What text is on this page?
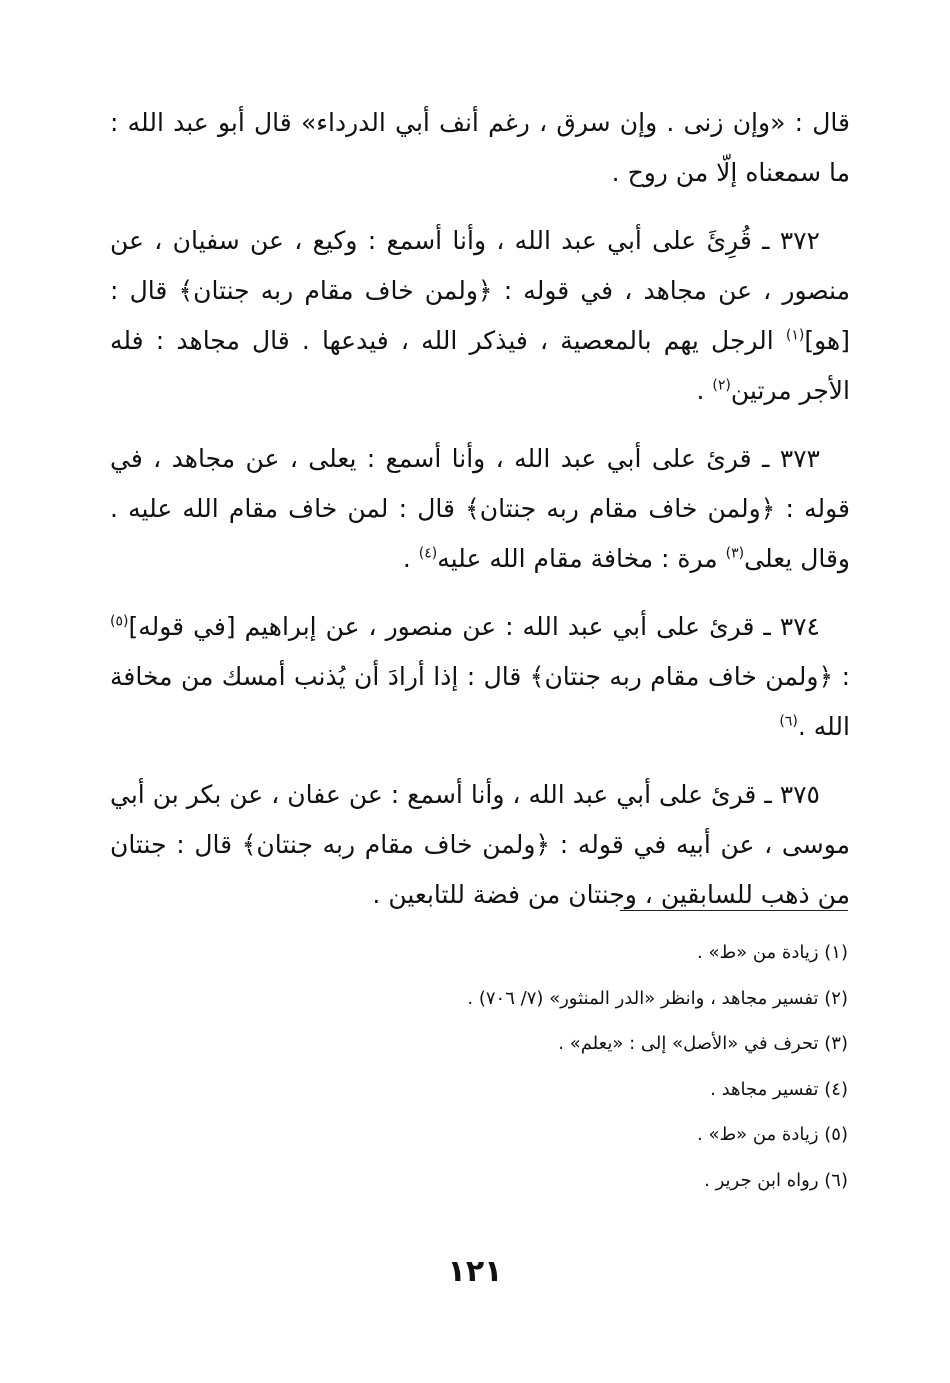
قال : «وإن زنى . وإن سرق ، رغم أنف أبي الدرداء» قال أبو عبد الله : ما سمعناه إلّا من روح .

٣٧٢ ـ قُرِئَ على أبي عبد الله ، وأنا أسمع : وكيع ، عن سفيان ، عن منصور ، عن مجاهد ، في قوله : ﴿ولمن خاف مقام ربه جنتان﴾ قال : [هو]$^{(١)}$ الرجل يهم بالمعصية ، فيذكر الله ، فيدعها . قال مجاهد : فله الأجر مرتين$^{(٢)}$ .

٣٧٣ ـ قرئ على أبي عبد الله ، وأنا أسمع : يعلى ، عن مجاهد ، في قوله : ﴿ولمن خاف مقام ربه جنتان﴾ قال : لمن خاف مقام الله عليه . وقال يعلى$^{(٣)}$ مرة : مخافة مقام الله عليه$^{(٤)}$ .

٣٧٤ ـ قرئ على أبي عبد الله : عن منصور ، عن إبراهيم [في قوله]$^{(٥)}$ : ﴿ولمن خاف مقام ربه جنتان﴾ قال : إذا أرادَ أن يُذنب أمسك من مخافة الله .$^{(٦)}$

٣٧٥ ـ قرئ على أبي عبد الله ، وأنا أسمع : عن عفان ، عن بكر بن أبي موسى ، عن أبيه في قوله : ﴿ولمن خاف مقام ربه جنتان﴾ قال : جنتان من ذهب للسابقين ، وجنتان من فضة للتابعين .

(١) زيادة من «ط» .

(٢) تفسير مجاهد ، وانظر «الدر المنثور» (٧/ ٧٠٦) .

(٣) تحرف في «الأصل» إلى : «يعلم» .

(٤) تفسير مجاهد .

(٥) زيادة من «ط» .

(٦) رواه ابن جرير .

١٢١
